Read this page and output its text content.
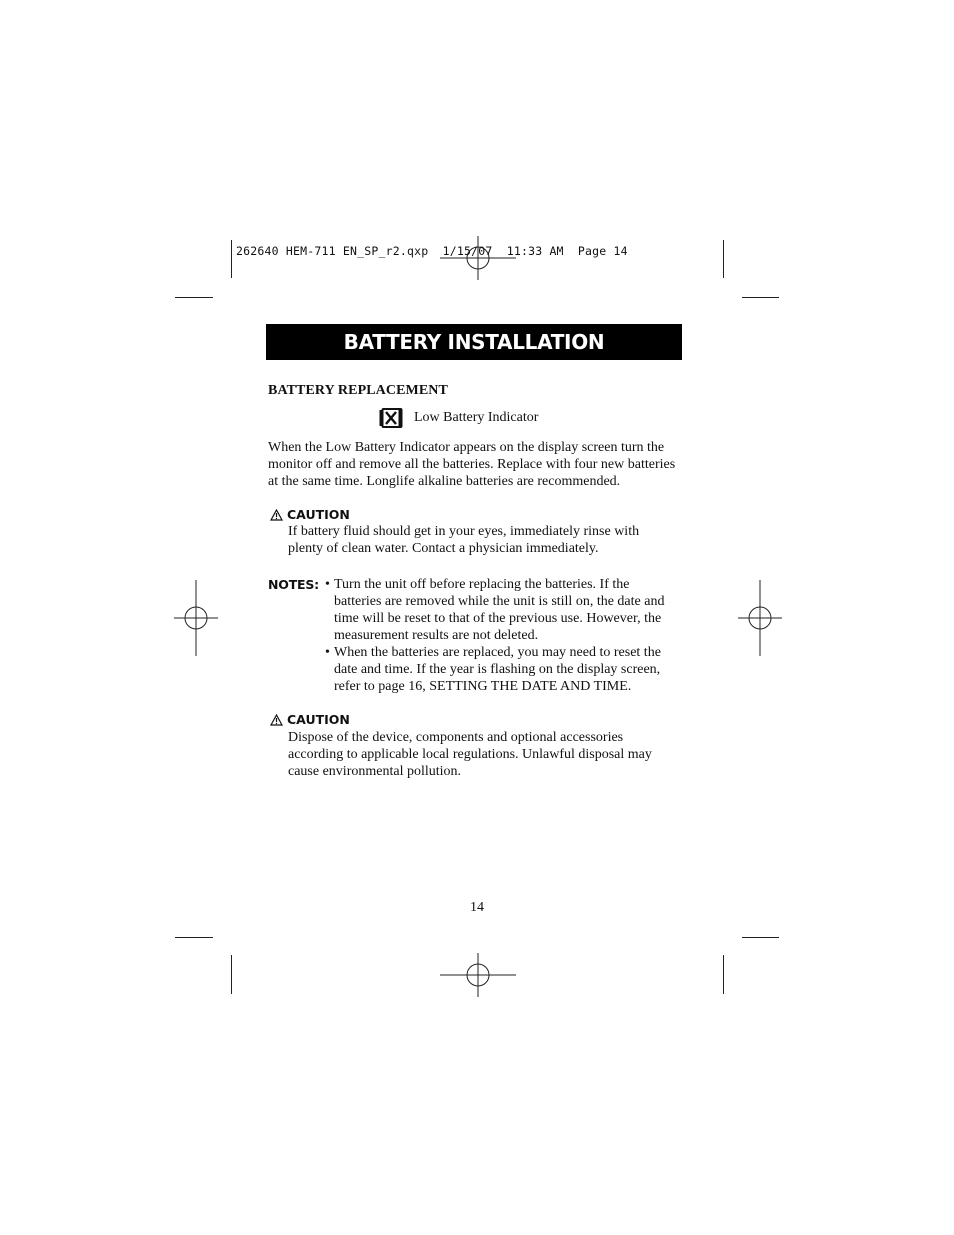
262640 HEM-711 EN_SP_r2.qxp  1/15/07  11:33 AM  Page 14
BATTERY INSTALLATION
BATTERY REPLACEMENT
Low Battery Indicator
When the Low Battery Indicator appears on the display screen turn the
monitor off and remove all the batteries. Replace with four new batteries
at the same time. Longlife alkaline batteries are recommended.
CAUTION
If battery fluid should get in your eyes, immediately rinse with
plenty of clean water. Contact a physician immediately.
NOTES: • Turn the unit off before replacing the batteries. If the
batteries are removed while the unit is still on, the date and
time will be reset to that of the previous use. However, the
measurement results are not deleted.
• When the batteries are replaced, you may need to reset the
date and time. If the year is flashing on the display screen,
refer to page 16, SETTING THE DATE AND TIME.
CAUTION
Dispose of the device, components and optional accessories
according to applicable local regulations. Unlawful disposal may
cause environmental pollution.
14
